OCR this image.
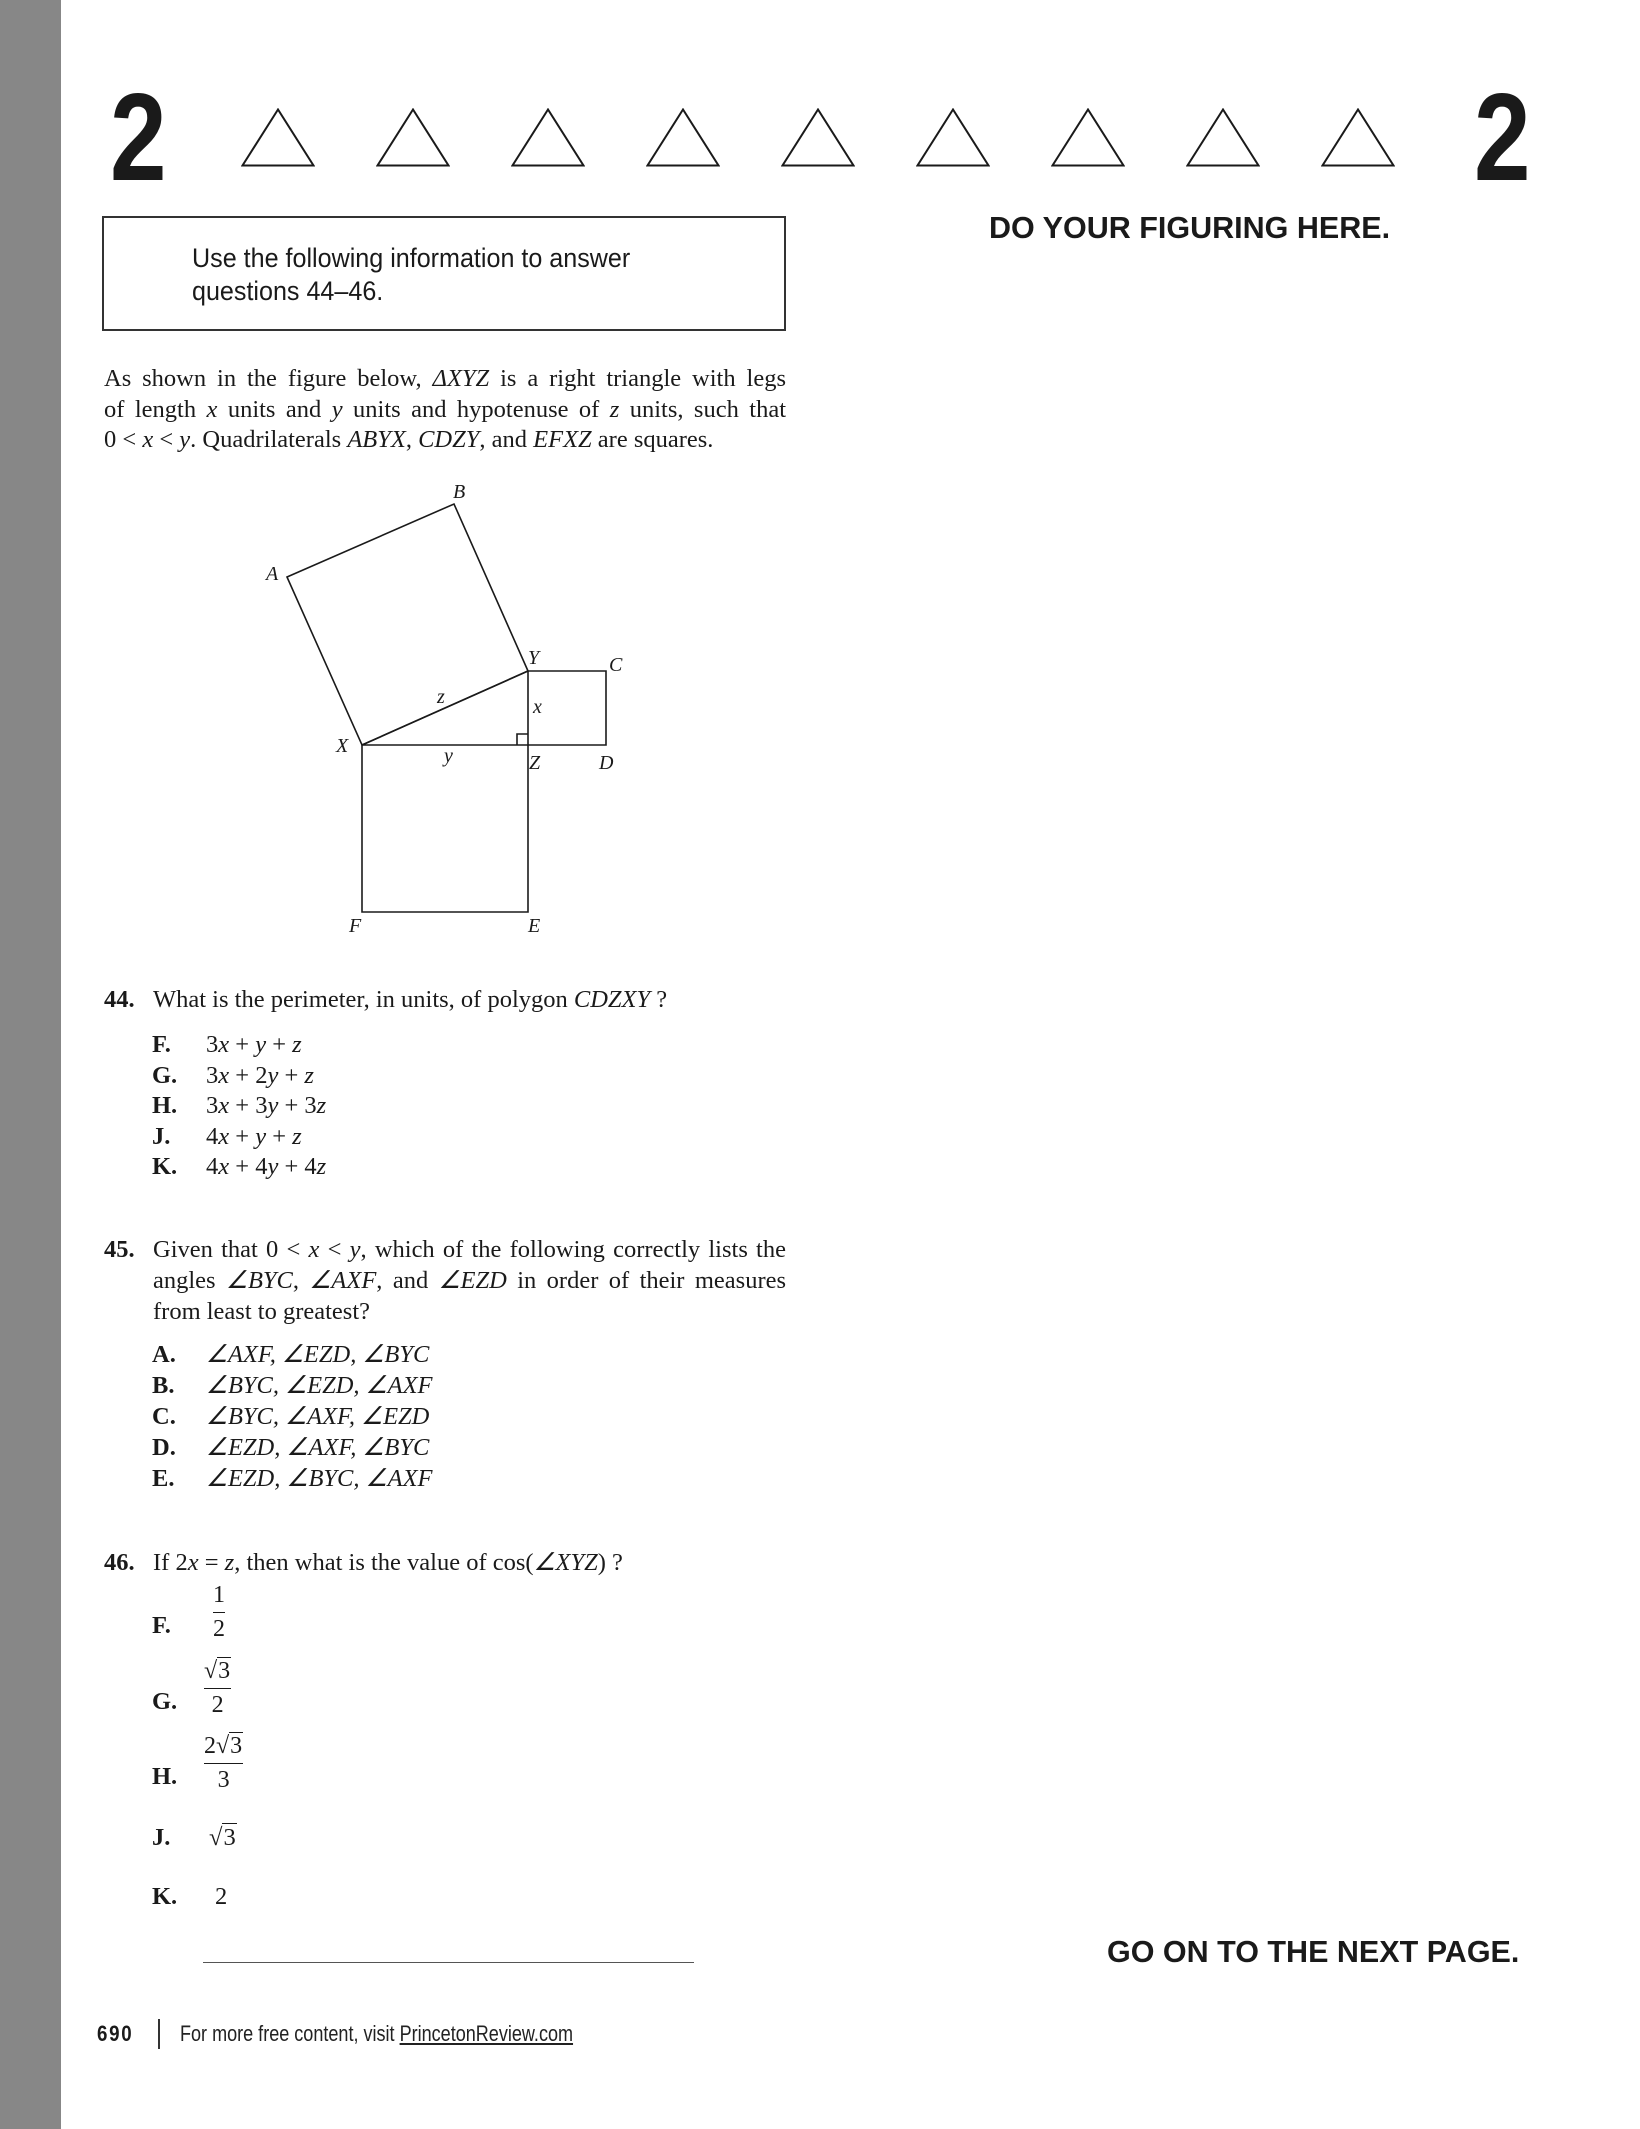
2	2
DO YOUR FIGURING HERE.
Use the following information to answer
questions 44–46.
As shown in the figure below, ΔXYZ is a right triangle with legs
of length x units and y units and hypotenuse of z units, such that
0 < x < y. Quadrilaterals ABYX, CDZY, and EFXZ are squares.
A
B
Y	C
X
Z	D
F	E
z	x
y
44. What is the perimeter, in units, of polygon CDZXY ?
F. 3x + y + z
G. 3x + 2y + z
H. 3x + 3y + 3z
J. 4x + y + z
K. 4x + 4y + 4z
45. Given that 0 < x < y, which of the following correctly lists the
angles ∠BYC, ∠AXF, and ∠EZD in order of their measures
from least to greatest?
A. ∠AXF, ∠EZD, ∠BYC
B. ∠BYC, ∠EZD, ∠AXF
C. ∠BYC, ∠AXF, ∠EZD
D. ∠EZD, ∠AXF, ∠BYC
E. ∠EZD, ∠BYC, ∠AXF
46. If 2x = z, then what is the value of cos(∠XYZ) ?
F.
1
2
G.
√3
2
H.
2√3
3
J. √3
K. 2
GO ON TO THE NEXT PAGE.
690 For more free content, visit PrincetonReview.com
